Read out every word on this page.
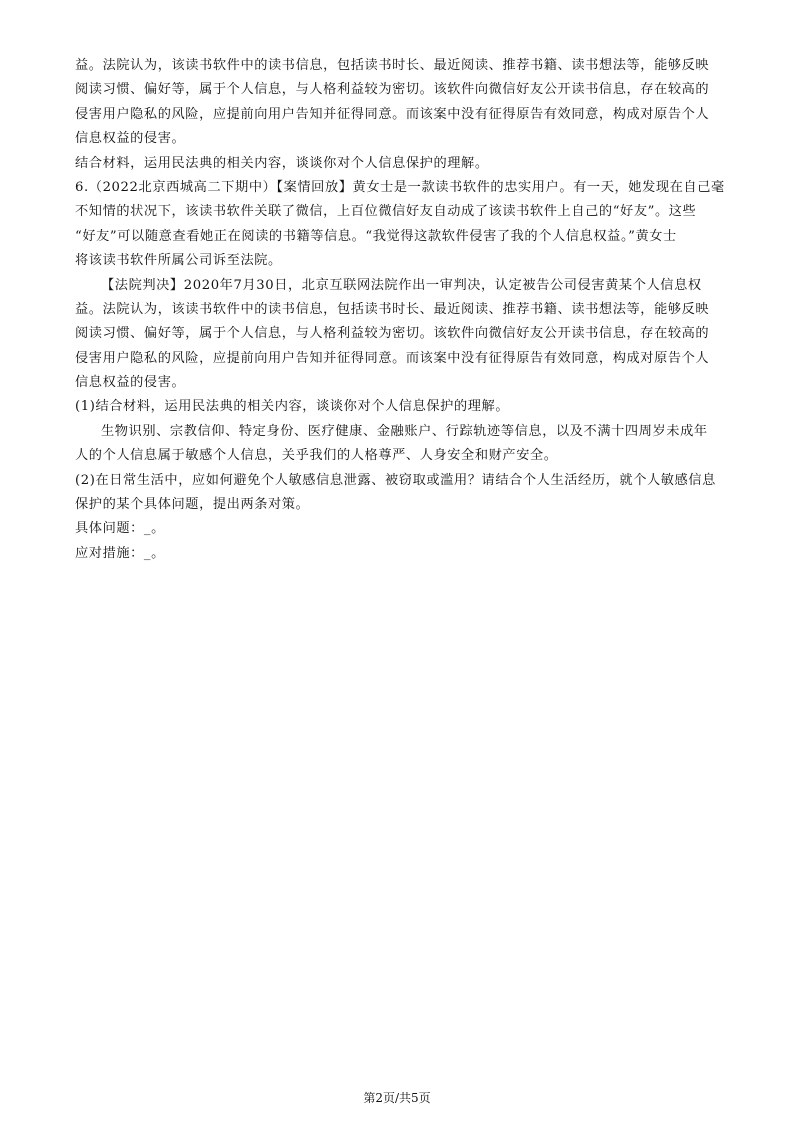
益。法院认为，该读书软件中的读书信息，包括读书时长、最近阅读、推荐书籍、读书想法等，能够反映
阅读习惯、偏好等，属于个人信息，与人格利益较为密切。该软件向微信好友公开读书信息，存在较高的
侵害用户隐私的风险，应提前向用户告知并征得同意。而该案中没有征得原告有效同意，构成对原告个人
信息权益的侵害。
结合材料，运用民法典的相关内容，谈谈你对个人信息保护的理解。
6.（2022北京西城高二下期中）【案情回放】黄女士是一款读书软件的忠实用户。有一天，她发现在自己毫
不知情的状况下，该读书软件关联了微信，上百位微信好友自动成了该读书软件上自己的“好友”。这些
“好友”可以随意查看她正在阅读的书籍等信息。“我觉得这款软件侵害了我的个人信息权益。”黄女士
将该读书软件所属公司诉至法院。
【法院判决】2020年7月30日，北京互联网法院作出一审判决，认定被告公司侵害黄某个人信息权
益。法院认为，该读书软件中的读书信息，包括读书时长、最近阅读、推荐书籍、读书想法等，能够反映
阅读习惯、偏好等，属于个人信息，与人格利益较为密切。该软件向微信好友公开读书信息，存在较高的
侵害用户隐私的风险，应提前向用户告知并征得同意。而该案中没有征得原告有效同意，构成对原告个人
信息权益的侵害。
(1)结合材料，运用民法典的相关内容，谈谈你对个人信息保护的理解。
生物识别、宗教信仰、特定身份、医疗健康、金融账户、行踪轨迹等信息，以及不满十四周岁未成年
人的个人信息属于敏感个人信息，关乎我们的人格尊严、人身安全和财产安全。
(2)在日常生活中，应如何避免个人敏感信息泄露、被窃取或滥用？请结合个人生活经历，就个人敏感信息
保护的某个具体问题，提出两条对策。
具体问题：_。
应对措施：_。
第2页/共5页
